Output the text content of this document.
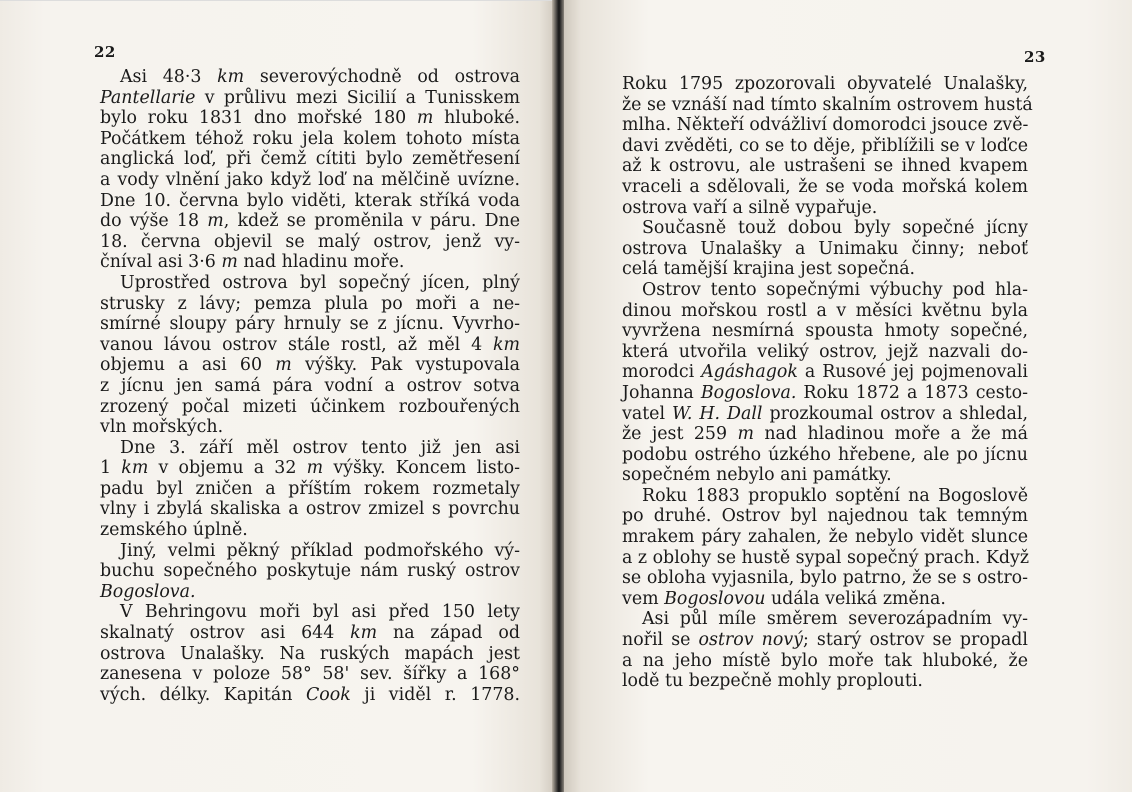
22
Asi 48·3 km severovýchodně od ostrova
Pantellarie v průlivu mezi Sicilií a Tunisskem
bylo roku 1831 dno mořské 180 m hluboké.
Počátkem téhož roku jela kolem tohoto místa
anglická loď, při čemž cítiti bylo zemětřesení
a vody vlnění jako když loď na mělčině uvízne.
Dne 10. června bylo viděti, kterak stříká voda
do výše 18 m, kdež se proměnila v páru. Dne
18. června objevil se malý ostrov, jenž vy-
čníval asi 3·6 m nad hladinu moře.
Uprostřed ostrova byl sopečný jícen, plný
strusky z lávy; pemza plula po moři a ne-
smírné sloupy páry hrnuly se z jícnu. Vyvrho-
vanou lávou ostrov stále rostl, až měl 4 km
objemu a asi 60 m výšky. Pak vystupovala
z jícnu jen samá pára vodní a ostrov sotva
zrozený počal mizeti účinkem rozbouřených
vln mořských.
Dne 3. září měl ostrov tento již jen asi
1 km v objemu a 32 m výšky. Koncem listo-
padu byl zničen a příštím rokem rozmetaly
vlny i zbylá skaliska a ostrov zmizel s povrchu
zemského úplně.
Jiný, velmi pěkný příklad podmořského vý-
buchu sopečného poskytuje nám ruský ostrov
Bogoslova.
V Behringovu moři byl asi před 150 lety
skalnatý ostrov asi 644 km na západ od
ostrova Unalašky. Na ruských mapách jest
zanesena v poloze 58° 58' sev. šířky a 168°
vých. délky. Kapitán Cook ji viděl r. 1778.
23
Roku 1795 zpozorovali obyvatelé Unalašky,
že se vznáší nad tímto skalním ostrovem hustá
mlha. Někteří odvážliví domorodci jsouce zvě-
davi zvěděti, co se to děje, přiblížili se v loďce
až k ostrovu, ale ustrašeni se ihned kvapem
vraceli a sdělovali, že se voda mořská kolem
ostrova vaří a silně vypařuje.
Současně touž dobou byly sopečné jícny
ostrova Unalašky a Unimaku činny; neboť
celá tamější krajina jest sopečná.
Ostrov tento sopečnými výbuchy pod hla-
dinou mořskou rostl a v měsíci květnu byla
vyvržena nesmírná spousta hmoty sopečné,
která utvořila veliký ostrov, jejž nazvali do-
morodci Agáshagok a Rusové jej pojmenovali
Johanna Bogoslova. Roku 1872 a 1873 cesto-
vatel W. H. Dall prozkoumal ostrov a shledal,
že jest 259 m nad hladinou moře a že má
podobu ostrého úzkého hřebene, ale po jícnu
sopečném nebylo ani památky.
Roku 1883 propuklo soptění na Bogoslově
po druhé. Ostrov byl najednou tak temným
mrakem páry zahalen, že nebylo vidět slunce
a z oblohy se hustě sypal sopečný prach. Když
se obloha vyjasnila, bylo patrno, že se s ostro-
vem Bogoslovou udála veliká změna.
Asi půl míle směrem severozápadním vy-
nořil se ostrov nový; starý ostrov se propadl
a na jeho místě bylo moře tak hluboké, že
lodě tu bezpečně mohly proplouti.
